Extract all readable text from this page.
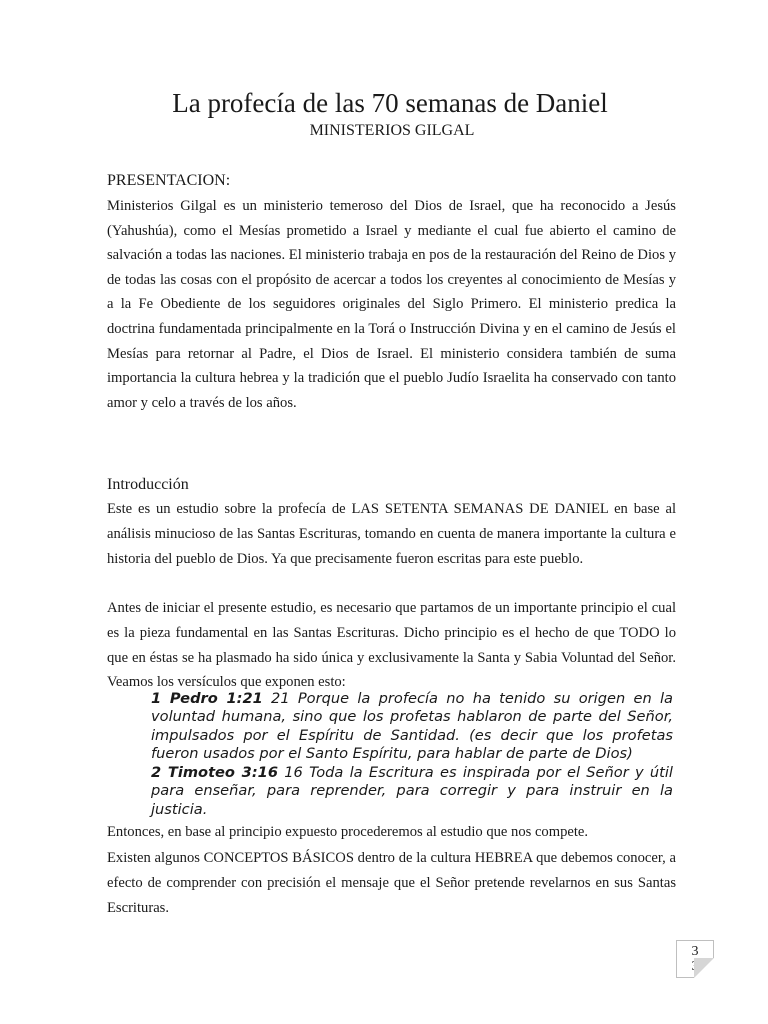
La profecía de las 70 semanas de Daniel
MINISTERIOS GILGAL
PRESENTACION:

Ministerios Gilgal es un ministerio temeroso del Dios de Israel, que ha reconocido a Jesús (Yahushúa), como el Mesías prometido a Israel y mediante el cual fue abierto el camino de salvación a todas las naciones. El ministerio trabaja en pos de la restauración del Reino de Dios y de todas las cosas con el propósito de acercar a todos los creyentes al conocimiento de Mesías y a la Fe Obediente de los seguidores originales del Siglo Primero. El ministerio predica la doctrina fundamentada principalmente en la Torá o Instrucción Divina y en el camino de Jesús el Mesías para retornar al Padre, el Dios de Israel. El ministerio considera también de suma importancia la cultura hebrea y la tradición que el pueblo Judío Israelita ha conservado con tanto amor y celo a través de los años.

Introducción

Este es un estudio sobre la profecía de LAS SETENTA SEMANAS DE DANIEL en base al análisis minucioso de las Santas Escrituras, tomando en cuenta de manera importante la cultura e historia del pueblo de Dios. Ya que precisamente fueron escritas para este pueblo.

Antes de iniciar el presente estudio, es necesario que partamos de un importante principio el cual es la pieza fundamental en las Santas Escrituras. Dicho principio es el hecho de que TODO lo que en éstas se ha plasmado ha sido única y exclusivamente la Santa y Sabia Voluntad del Señor. Veamos los versículos que exponen esto:

1 Pedro 1:21 21 Porque la profecía no ha tenido su origen en la voluntad humana, sino que los profetas hablaron de parte del Señor, impulsados por el Espíritu de Santidad. (es decir que los profetas fueron usados por el Santo Espíritu, para hablar de parte de Dios)

2 Timoteo 3:16 16 Toda la Escritura es inspirada por el Señor y útil para enseñar, para reprender, para corregir y para instruir en la justicia.

Entonces, en base al principio expuesto procederemos al estudio que nos compete.

Existen algunos CONCEPTOS BÁSICOS dentro de la cultura HEBREA que debemos conocer, a efecto de comprender con precisión el mensaje que el Señor pretende revelarnos en sus Santas Escrituras.

3
3
